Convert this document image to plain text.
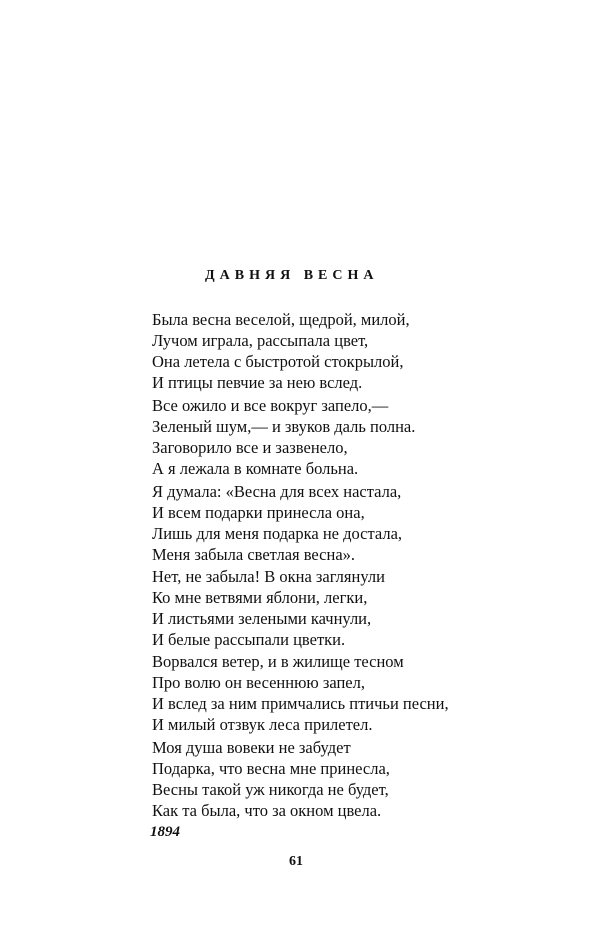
ДАВНЯЯ ВЕСНА
Была весна веселой, щедрой, милой,
Лучом играла, рассыпала цвет,
Она летела с быстротой стокрылой,
И птицы певчие за нею вслед.
Все ожило и все вокруг запело,—
Зеленый шум,— и звуков даль полна.
Заговорило все и зазвенело,
А я лежала в комнате больна.
Я думала: «Весна для всех настала,
И всем подарки принесла она,
Лишь для меня подарка не достала,
Меня забыла светлая весна».
Нет, не забыла! В окна заглянули
Ко мне ветвями яблони, легки,
И листьями зелеными качнули,
И белые рассыпали цветки.
Ворвался ветер, и в жилище тесном
Про волю он весеннюю запел,
И вслед за ним примчались птичьи песни,
И милый отзвук леса прилетел.
Моя душа вовеки не забудет
Подарка, что весна мне принесла,
Весны такой уж никогда не будет,
Как та была, что за окном цвела.
1894
61
